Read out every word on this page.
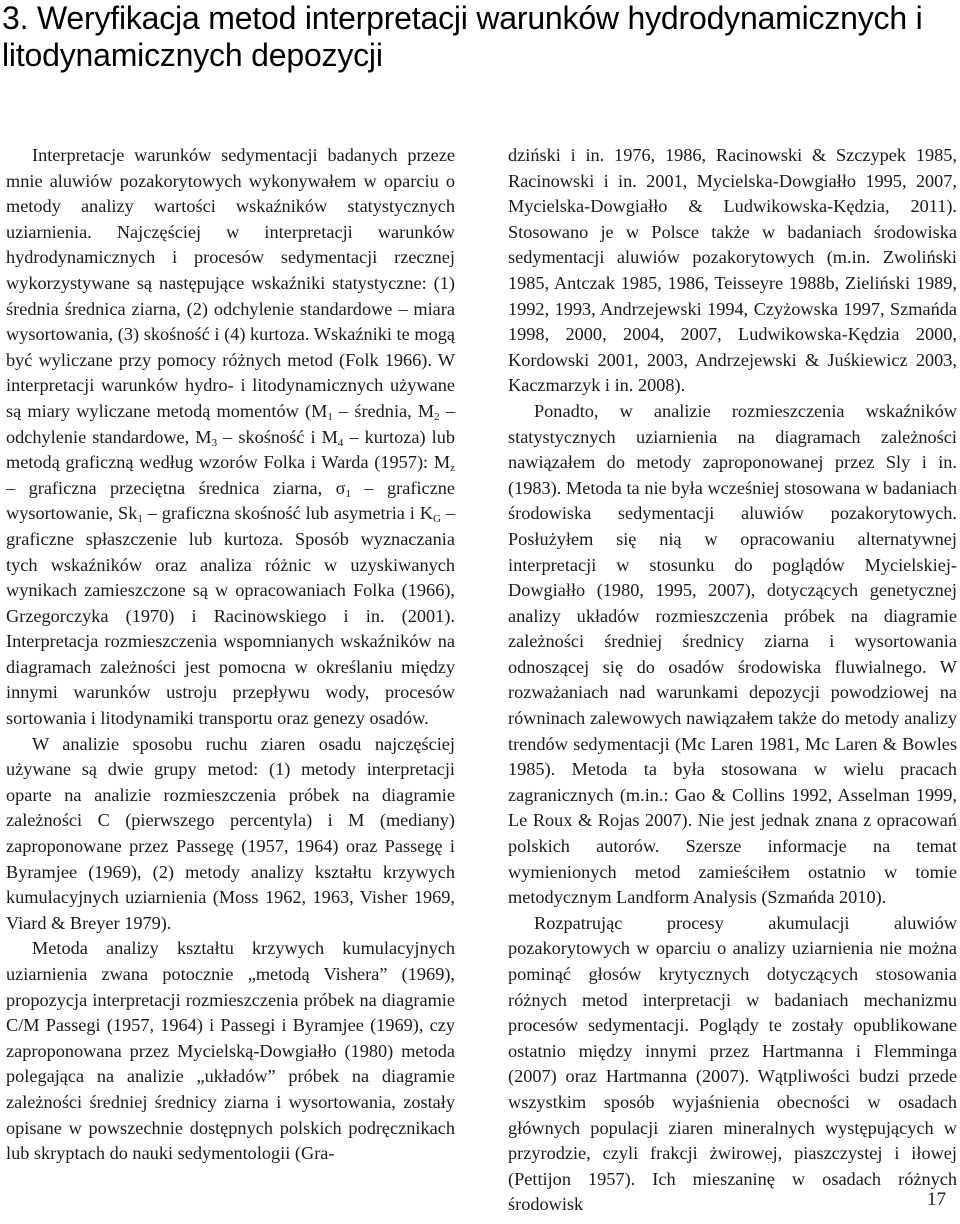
3. Weryfikacja metod interpretacji warunków hydrodynamicznych i litodynamicznych depozycji

Interpretacje warunków sedymentacji badanych przeze mnie aluwiów pozakorytowych wykonywałem w oparciu o metody analizy wartości wskaźników statystycznych uziarnienia. Najczęściej w interpretacji warunków hydrodynamicznych i procesów sedymentacji rzecznej wykorzystywane są następujące wskaźniki statystyczne: (1) średnia średnica ziarna, (2) odchylenie standardowe – miara wysortowania, (3) skośność i (4) kurtoza. Wskaźniki te mogą być wyliczane przy pomocy różnych metod (Folk 1966). W interpretacji warunków hydro- i litodynamicznych używane są miary wyliczane metodą momentów ($M_1$ – średnia, $M_2$ – odchylenie standardowe, $M_3$ – skośność i $M_4$ – kurtoza) lub metodą graficzną według wzorów Folka i Warda (1957): $M_z$ – graficzna przeciętna średnica ziarna, $\sigma_1$ – graficzne wysortowanie, $Sk_1$ – graficzna skośność lub asymetria i $K_G$ – graficzne spłaszczenie lub kurtoza. Sposób wyznaczania tych wskaźników oraz analiza różnic w uzyskiwanych wynikach zamieszczone są w opracowaniach Folka (1966), Grzegorczyka (1970) i Racinowskiego i in. (2001). Interpretacja rozmieszczenia wspomnianych wskaźników na diagramach zależności jest pomocna w określaniu między innymi warunków ustroju przepływu wody, procesów sortowania i litodynamiki transportu oraz genezy osadów.

W analizie sposobu ruchu ziaren osadu najczęściej używane są dwie grupy metod: (1) metody interpretacji oparte na analizie rozmieszczenia próbek na diagramie zależności C (pierwszego percentyla) i M (mediany) zaproponowane przez Passegę (1957, 1964) oraz Passegę i Byramjee (1969), (2) metody analizy kształtu krzywych kumulacyjnych uziarnienia (Moss 1962, 1963, Visher 1969, Viard & Breyer 1979).

Metoda analizy kształtu krzywych kumulacyjnych uziarnienia zwana potocznie „metodą Vishera” (1969), propozycja interpretacji rozmieszczenia próbek na diagramie C/M Passegi (1957, 1964) i Passegi i Byramjee (1969), czy zaproponowana przez Mycielską-Dowgiałło (1980) metoda polegająca na analizie „układów” próbek na diagramie zależności średniej średnicy ziarna i wysortowania, zostały opisane w powszechnie dostępnych polskich podręcznikach lub skryptach do nauki sedymentologii (Gra-

dziński i in. 1976, 1986, Racinowski & Szczypek 1985, Racinowski i in. 2001, Mycielska-Dowgiałło 1995, 2007, Mycielska-Dowgiałło & Ludwikowska-Kędzia, 2011). Stosowano je w Polsce także w badaniach środowiska sedymentacji aluwiów pozakorytowych (m.in. Zwoliński 1985, Antczak 1985, 1986, Teisseyre 1988b, Zieliński 1989, 1992, 1993, Andrzejewski 1994, Czyżowska 1997, Szmańda 1998, 2000, 2004, 2007, Ludwikowska-Kędzia 2000, Kordowski 2001, 2003, Andrzejewski & Juśkiewicz 2003, Kaczmarzyk i in. 2008).

Ponadto, w analizie rozmieszczenia wskaźników statystycznych uziarnienia na diagramach zależności nawiązałem do metody zaproponowanej przez Sly i in. (1983). Metoda ta nie była wcześniej stosowana w badaniach środowiska sedymentacji aluwiów pozakorytowych. Posłużyłem się nią w opracowaniu alternatywnej interpretacji w stosunku do poglądów Mycielskiej-Dowgiałło (1980, 1995, 2007), dotyczących genetycznej analizy układów rozmieszczenia próbek na diagramie zależności średniej średnicy ziarna i wysortowania odnoszącej się do osadów środowiska fluwialnego. W rozważaniach nad warunkami depozycji powodziowej na równinach zalewowych nawiązałem także do metody analizy trendów sedymentacji (Mc Laren 1981, Mc Laren & Bowles 1985). Metoda ta była stosowana w wielu pracach zagranicznych (m.in.: Gao & Collins 1992, Asselman 1999, Le Roux & Rojas 2007). Nie jest jednak znana z opracowań polskich autorów. Szersze informacje na temat wymienionych metod zamieściłem ostatnio w tomie metodycznym Landform Analysis (Szmańda 2010).

Rozpatrując procesy akumulacji aluwiów pozakorytowych w oparciu o analizy uziarnienia nie można pominąć głosów krytycznych dotyczących stosowania różnych metod interpretacji w badaniach mechanizmu procesów sedymentacji. Poglądy te zostały opublikowane ostatnio między innymi przez Hartmanna i Flemminga (2007) oraz Hartmanna (2007). Wątpliwości budzi przede wszystkim sposób wyjaśnienia obecności w osadach głównych populacji ziaren mineralnych występujących w przyrodzie, czyli frakcji żwirowej, piaszczystej i iłowej (Pettijon 1957). Ich mieszaninę w osadach różnych środowisk	17
